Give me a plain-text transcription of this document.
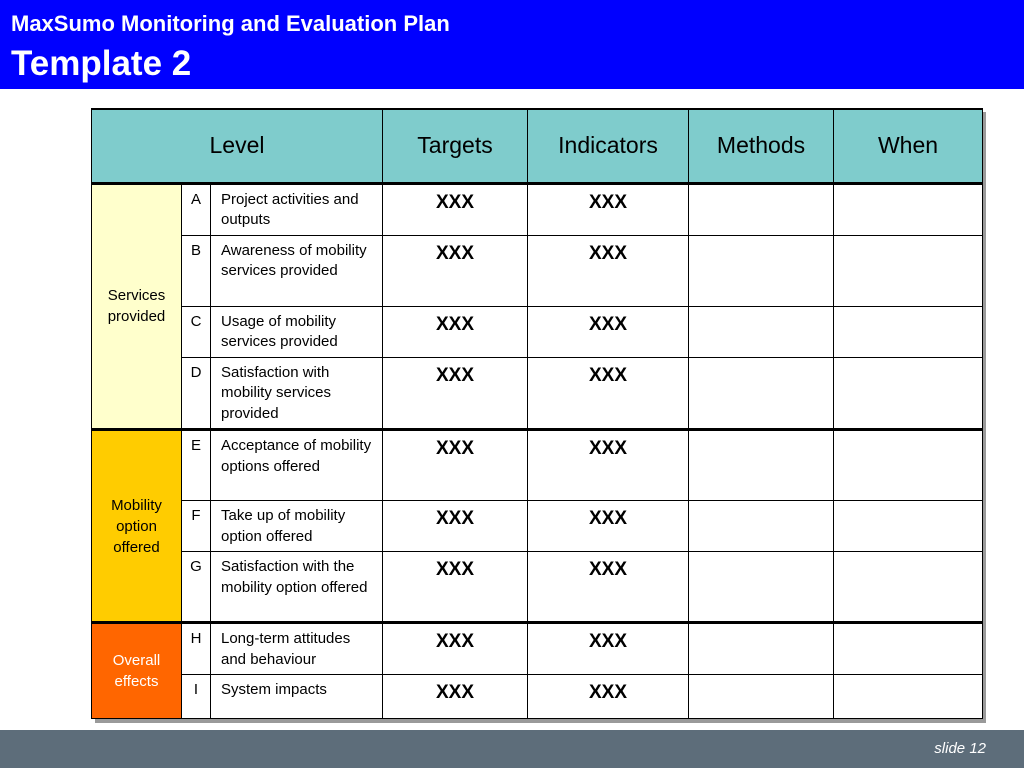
MaxSumo Monitoring and Evaluation Plan
Template 2
Level			Targets	Indicators	Methods	When
Services provided	A	Project activities and outputs	XXX	XXX		
	B	Awareness of mobility services provided	XXX	XXX		
	C	Usage of mobility services provided	XXX	XXX		
	D	Satisfaction with mobility services provided	XXX	XXX		
Mobility option offered	E	Acceptance of mobility options offered	XXX	XXX		
	F	Take up of mobility option offered	XXX	XXX		
	G	Satisfaction with the mobility option offered	XXX	XXX		
Overall effects	H	Long-term attitudes and behaviour	XXX	XXX		
	I	System impacts	XXX	XXX		
slide 12
